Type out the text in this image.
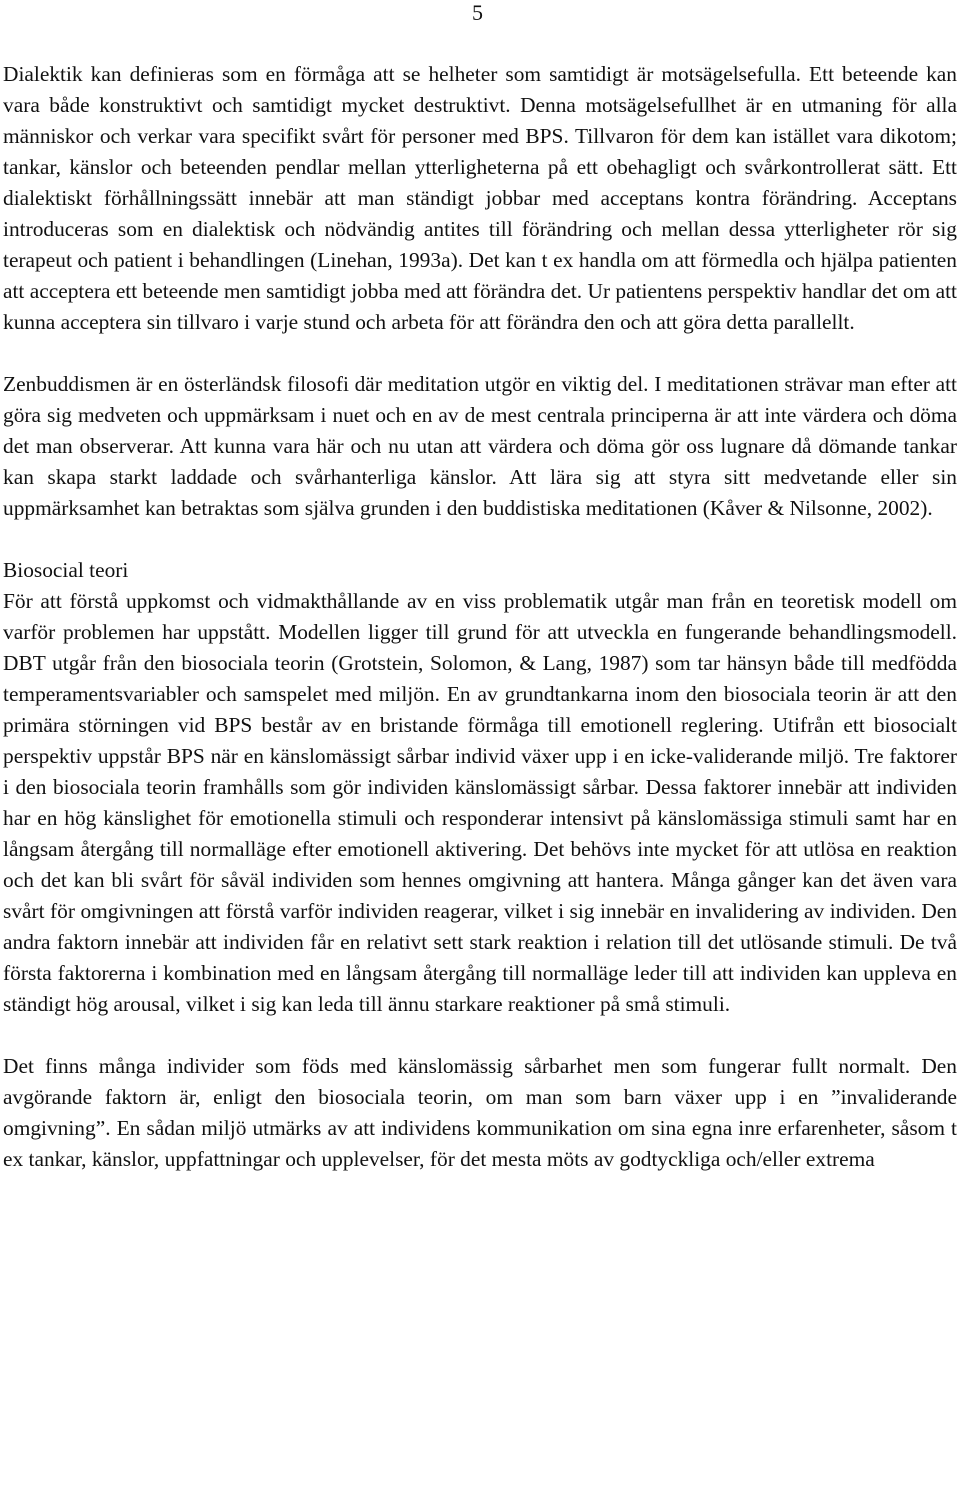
5

Dialektik kan definieras som en förmåga att se helheter som samtidigt är motsägelsefulla. Ett beteende kan vara både konstruktivt och samtidigt mycket destruktivt. Denna motsägelsefullhet är en utmaning för alla människor och verkar vara specifikt svårt för personer med BPS. Tillvaron för dem kan istället vara dikotom; tankar, känslor och beteenden pendlar mellan ytterligheterna på ett obehagligt och svårkontrollerat sätt. Ett dialektiskt förhållningssätt innebär att man ständigt jobbar med acceptans kontra förändring. Acceptans introduceras som en dialektisk och nödvändig antites till förändring och mellan dessa ytterligheter rör sig terapeut och patient i behandlingen (Linehan, 1993a). Det kan t ex handla om att förmedla och hjälpa patienten att acceptera ett beteende men samtidigt jobba med att förändra det. Ur patientens perspektiv handlar det om att kunna acceptera sin tillvaro i varje stund och arbeta för att förändra den och att göra detta parallellt.

Zenbuddismen är en österländsk filosofi där meditation utgör en viktig del. I meditationen strävar man efter att göra sig medveten och uppmärksam i nuet och en av de mest centrala principerna är att inte värdera och döma det man observerar. Att kunna vara här och nu utan att värdera och döma gör oss lugnare då dömande tankar kan skapa starkt laddade och svårhanterliga känslor. Att lära sig att styra sitt medvetande eller sin uppmärksamhet kan betraktas som själva grunden i den buddistiska meditationen (Kåver & Nilsonne, 2002).

Biosocial teori

För att förstå uppkomst och vidmakthållande av en viss problematik utgår man från en teoretisk modell om varför problemen har uppstått. Modellen ligger till grund för att utveckla en fungerande behandlingsmodell. DBT utgår från den biosociala teorin (Grotstein, Solomon, & Lang, 1987) som tar hänsyn både till medfödda temperamentsvariabler och samspelet med miljön. En av grundtankarna inom den biosociala teorin är att den primära störningen vid BPS består av en bristande förmåga till emotionell reglering. Utifrån ett biosocialt perspektiv uppstår BPS när en känslomässigt sårbar individ växer upp i en icke-validerande miljö. Tre faktorer i den biosociala teorin framhålls som gör individen känslomässigt sårbar. Dessa faktorer innebär att individen har en hög känslighet för emotionella stimuli och responderar intensivt på känslomässiga stimuli samt har en långsam återgång till normalläge efter emotionell aktivering. Det behövs inte mycket för att utlösa en reaktion och det kan bli svårt för såväl individen som hennes omgivning att hantera. Många gånger kan det även vara svårt för omgivningen att förstå varför individen reagerar, vilket i sig innebär en invalidering av individen. Den andra faktorn innebär att individen får en relativt sett stark reaktion i relation till det utlösande stimuli. De två första faktorerna i kombination med en långsam återgång till normalläge leder till att individen kan uppleva en ständigt hög arousal, vilket i sig kan leda till ännu starkare reaktioner på små stimuli.

Det finns många individer som föds med känslomässig sårbarhet men som fungerar fullt normalt. Den avgörande faktorn är, enligt den biosociala teorin, om man som barn växer upp i en ”invaliderande omgivning”. En sådan miljö utmärks av att individens kommunikation om sina egna inre erfarenheter, såsom t ex tankar, känslor, uppfattningar och upplevelser, för det mesta möts av godtyckliga och/eller extrema
